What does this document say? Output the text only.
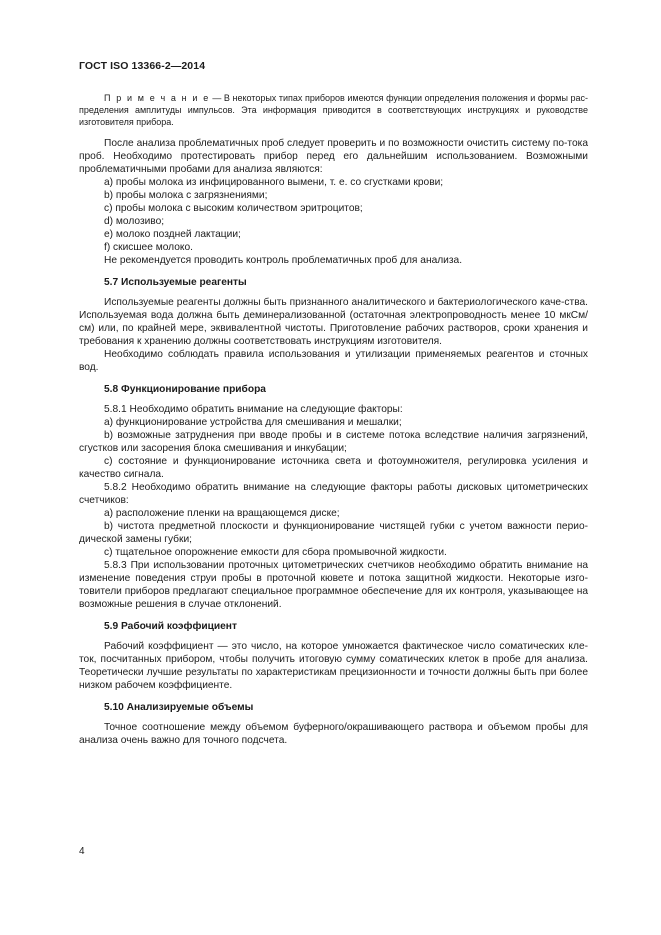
ГОСТ ISO 13366-2—2014

П р и м е ч а н и е — В некоторых типах приборов имеются функции определения положения и формы рас-пределения амплитуды импульсов. Эта информация приводится в соответствующих инструкциях и руководстве изготовителя прибора.

После анализа проблематичных проб следует проверить и по возможности очистить систему по-тока проб. Необходимо протестировать прибор перед его дальнейшим использованием. Возможными проблематичными пробами для анализа являются:

a) пробы молока из инфицированного вымени, т. е. со сгустками крови;

b) пробы молока с загрязнениями;

c) пробы молока с высоким количеством эритроцитов;

d) молозиво;

e) молоко поздней лактации;

f) скисшее молоко.

Не рекомендуется проводить контроль проблематичных проб для анализа.

5.7 Используемые реагенты

Используемые реагенты должны быть признанного аналитического и бактериологического каче-ства. Используемая вода должна быть деминерализованной (остаточная электропроводность менее 10 мкСм/см) или, по крайней мере, эквивалентной чистоты. Приготовление рабочих растворов, сроки хранения и требования к хранению должны соответствовать инструкциям изготовителя.

Необходимо соблюдать правила использования и утилизации применяемых реагентов и сточных вод.

5.8 Функционирование прибора

5.8.1 Необходимо обратить внимание на следующие факторы:

a) функционирование устройства для смешивания и мешалки;

b) возможные затруднения при вводе пробы и в системе потока вследствие наличия загрязнений, сгустков или засорения блока смешивания и инкубации;

c) состояние и функционирование источника света и фотоумножителя, регулировка усиления и качество сигнала.

5.8.2 Необходимо обратить внимание на следующие факторы работы дисковых цитометрических счетчиков:

a) расположение пленки на вращающемся диске;

b) чистота предметной плоскости и функционирование чистящей губки с учетом важности перио-дической замены губки;

c) тщательное опорожнение емкости для сбора промывочной жидкости.

5.8.3 При использовании проточных цитометрических счетчиков необходимо обратить внимание на изменение поведения струи пробы в проточной кювете и потока защитной жидкости. Некоторые изго-товители приборов предлагают специальное программное обеспечение для их контроля, указывающее на возможные решения в случае отклонений.

5.9 Рабочий коэффициент

Рабочий коэффициент — это число, на которое умножается фактическое число соматических кле-ток, посчитанных прибором, чтобы получить итоговую сумму соматических клеток в пробе для анализа. Теоретически лучшие результаты по характеристикам прецизионности и точности должны быть при более низком рабочем коэффициенте.

5.10 Анализируемые объемы

Точное соотношение между объемом буферного/окрашивающего раствора и объемом пробы для анализа очень важно для точного подсчета.

4
